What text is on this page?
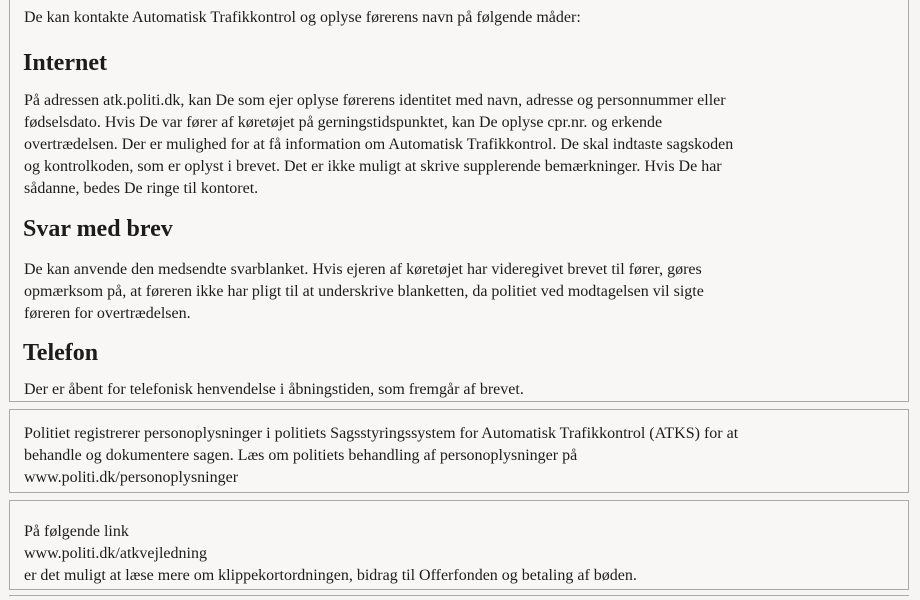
De kan kontakte Automatisk Trafikkontrol og oplyse førerens navn på følgende måder:

Internet

På adressen atk.politi.dk, kan De som ejer oplyse førerens identitet med navn, adresse og personnummer eller
fødselsdato. Hvis De var fører af køretøjet på gerningstidspunktet, kan De oplyse cpr.nr. og erkende
overtrædelsen. Der er mulighed for at få information om Automatisk Trafikkontrol. De skal indtaste sagskoden
og kontrolkoden, som er oplyst i brevet. Det er ikke muligt at skrive supplerende bemærkninger. Hvis De har
sådanne, bedes De ringe til kontoret.

Svar med brev

De kan anvende den medsendte svarblanket. Hvis ejeren af køretøjet har videregivet brevet til fører, gøres
opmærksom på, at føreren ikke har pligt til at underskrive blanketten, da politiet ved modtagelsen vil sigte
føreren for overtrædelsen.

Telefon

Der er åbent for telefonisk henvendelse i åbningstiden, som fremgår af brevet.

Politiet registrerer personoplysninger i politiets Sagsstyringssystem for Automatisk Trafikkontrol (ATKS) for at
behandle og dokumentere sagen. Læs om politiets behandling af personoplysninger på
www.politi.dk/personoplysninger

På følgende link
www.politi.dk/atkvejledning
er det muligt at læse mere om klippekortordningen, bidrag til Offerfonden og betaling af bøden.
